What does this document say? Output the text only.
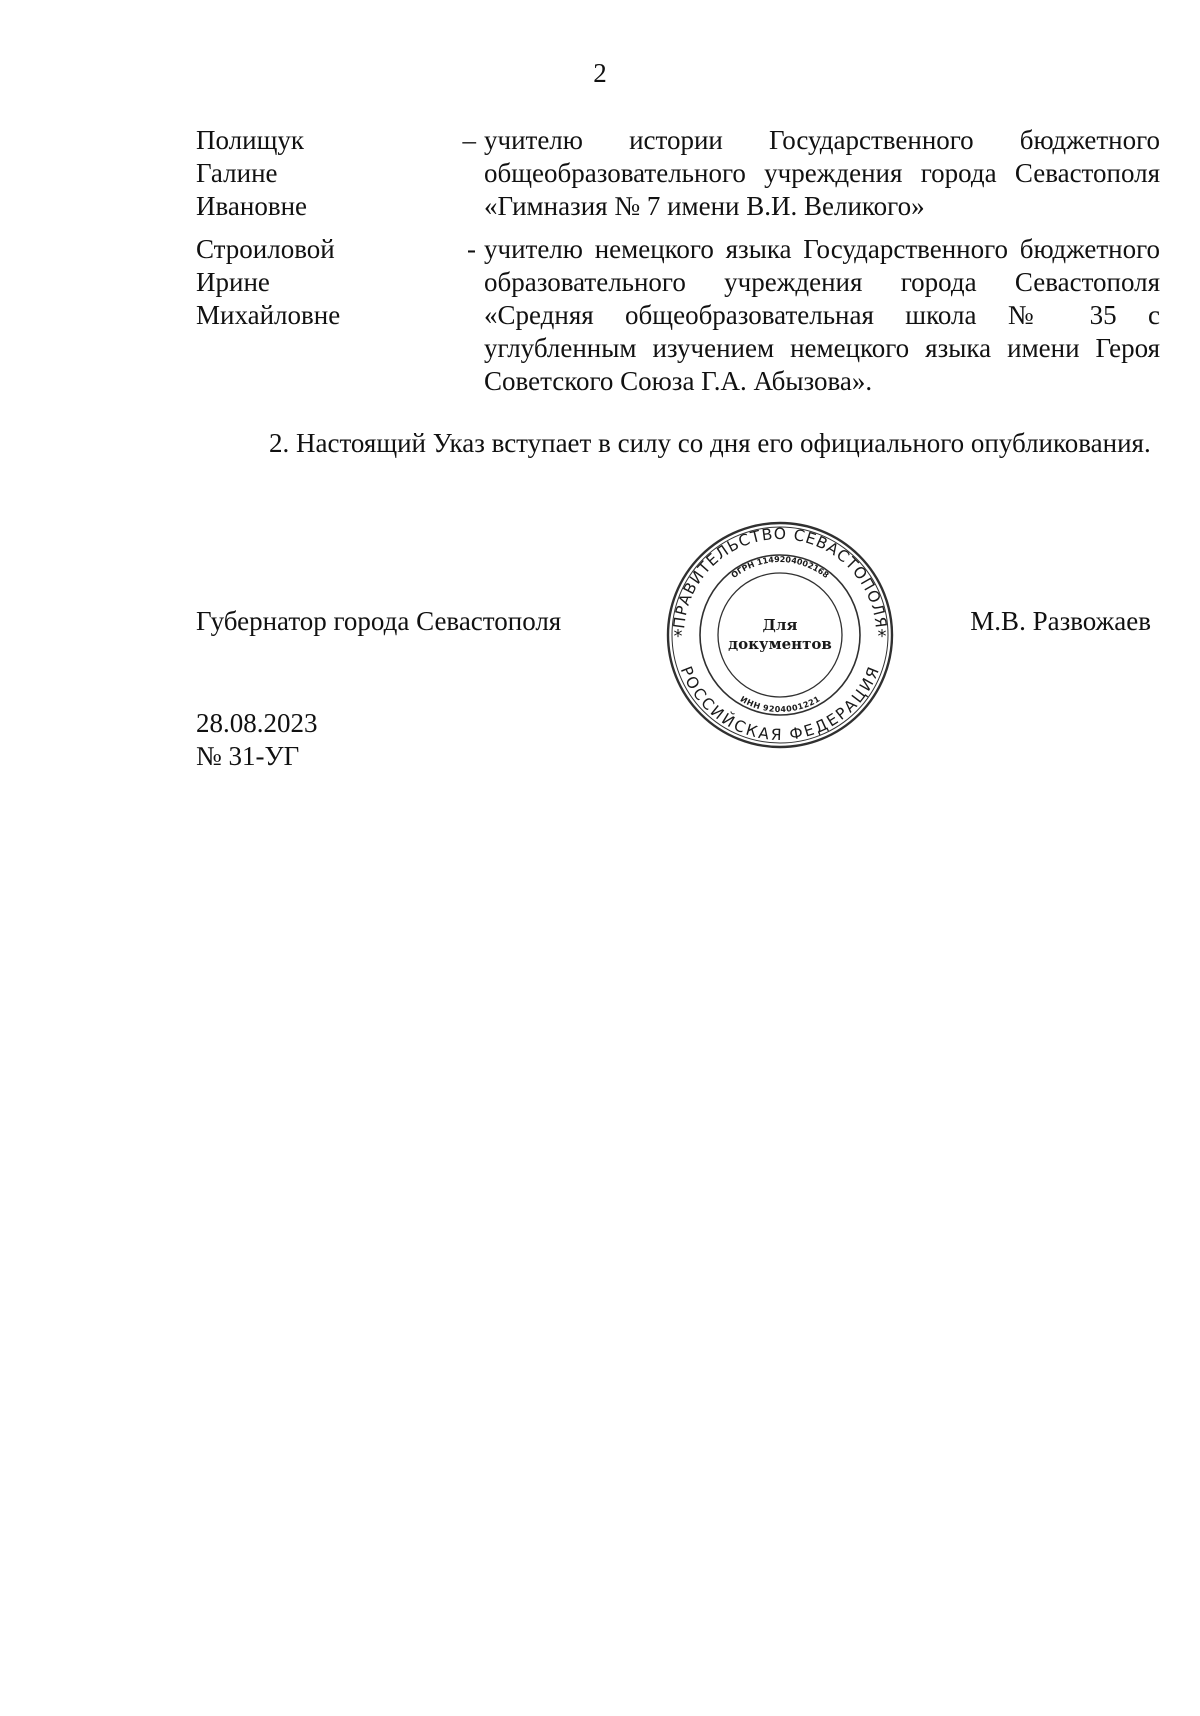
2
Полищук
Галине
Ивановне
– учителю истории Государственного бюджетного общеобразовательного учреждения города Севастополя «Гимназия № 7 имени В.И. Великого»
Строиловой
Ирине
Михайловне
- учителю немецкого языка Государственного бюджетного образовательного учреждения города Севастополя «Средняя общеобразовательная школа № 35 с углубленным изучением немецкого языка имени Героя Советского Союза Г.А. Абызова».
2. Настоящий Указ вступает в силу со дня его официального опубликования.
Губернатор города Севастополя	М.В. Развожаев
ПРАВИТЕЛЬСТВО СЕВАСТОПОЛЯ
РОССИЙСКАЯ ФЕДЕРАЦИЯ
ОГРН 1149204002168
ИНН 9204001221
*	*
Для
документов
28.08.2023
№ 31-УГ
